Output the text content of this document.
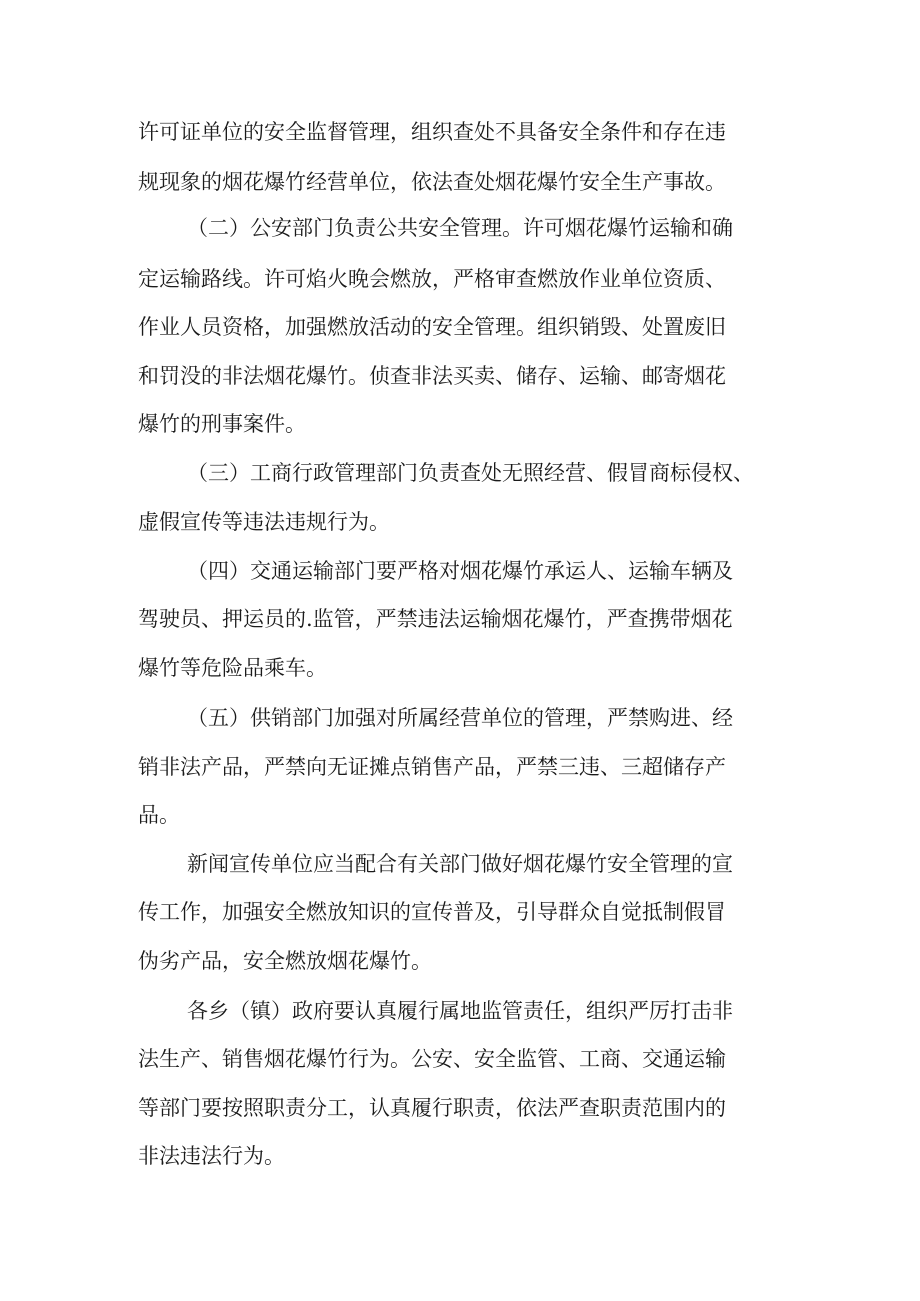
许可证单位的安全监督管理，组织查处不具备安全条件和存在违

规现象的烟花爆竹经营单位，依法查处烟花爆竹安全生产事故。

（二）公安部门负责公共安全管理。许可烟花爆竹运输和确

定运输路线。许可焰火晚会燃放，严格审查燃放作业单位资质、

作业人员资格，加强燃放活动的安全管理。组织销毁、处置废旧

和罚没的非法烟花爆竹。侦查非法买卖、储存、运输、邮寄烟花

爆竹的刑事案件。

（三）工商行政管理部门负责查处无照经营、假冒商标侵权、

虚假宣传等违法违规行为。

（四）交通运输部门要严格对烟花爆竹承运人、运输车辆及

驾驶员、押运员的.监管，严禁违法运输烟花爆竹，严查携带烟花

爆竹等危险品乘车。

（五）供销部门加强对所属经营单位的管理，严禁购进、经

销非法产品，严禁向无证摊点销售产品，严禁三违、三超储存产

品。

新闻宣传单位应当配合有关部门做好烟花爆竹安全管理的宣

传工作，加强安全燃放知识的宣传普及，引导群众自觉抵制假冒

伪劣产品，安全燃放烟花爆竹。

各乡（镇）政府要认真履行属地监管责任，组织严厉打击非

法生产、销售烟花爆竹行为。公安、安全监管、工商、交通运输

等部门要按照职责分工，认真履行职责，依法严查职责范围内的

非法违法行为。
